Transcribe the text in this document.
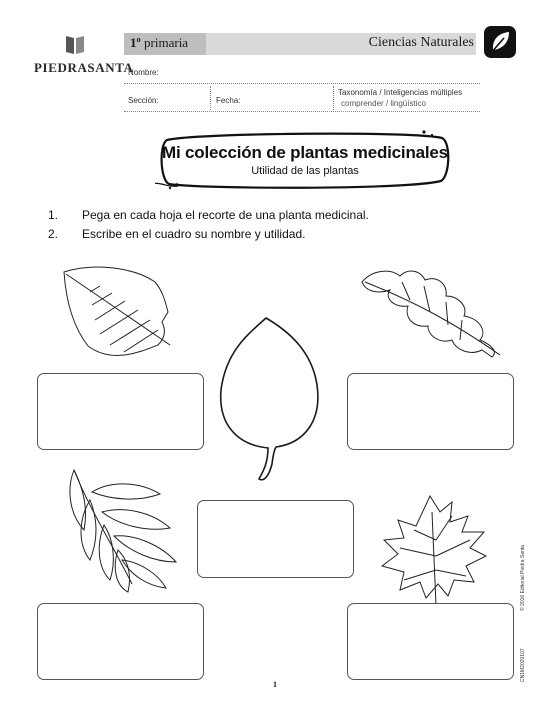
PIEDRASANTA
1º primaria	Ciencias Naturales
Nombre:
Sección:	Fecha:
Taxonomía / Inteligencias múltiples
comprender / lingüístico
Mi colección de plantas medicinales
Utilidad de las plantas
1. Pega en cada hoja el recorte de una planta medicinal.
2. Escribe en el cuadro su nombre y utilidad.
© 2016 Editorial Piedra Santa
CN1M2020107
1
